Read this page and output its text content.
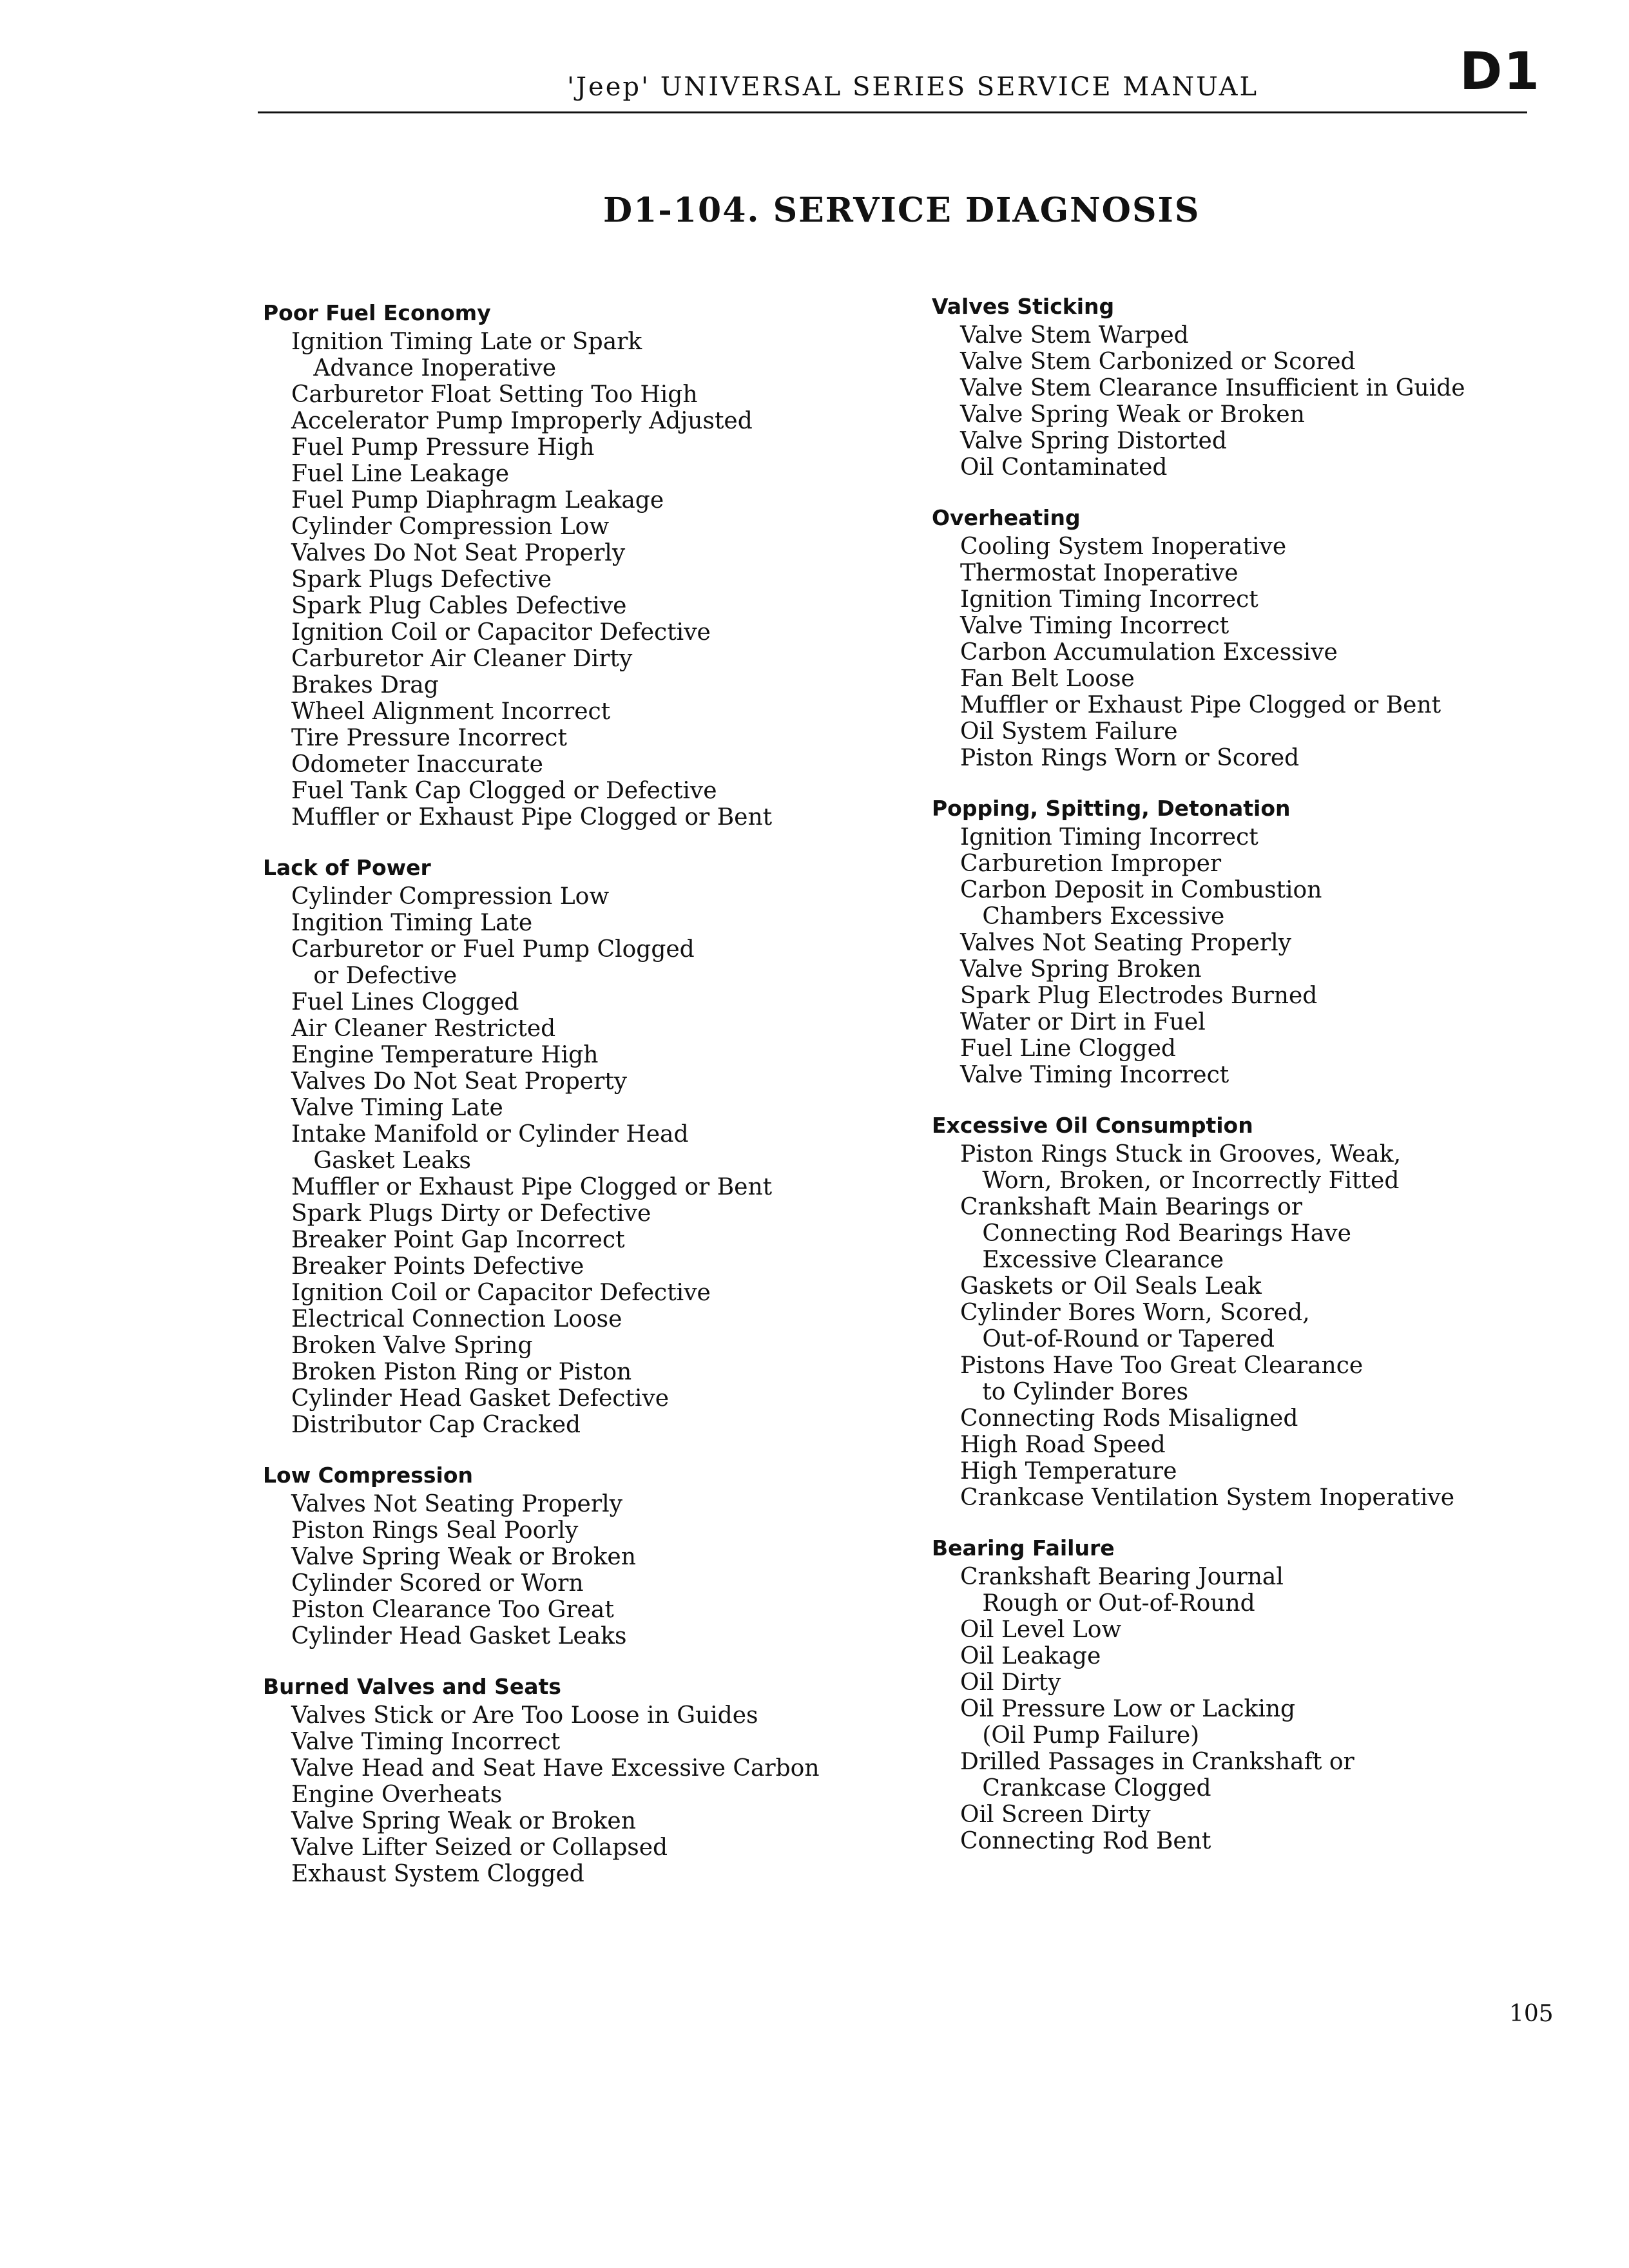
'Jeep' UNIVERSAL SERIES SERVICE MANUAL	D1
D1-104. SERVICE DIAGNOSIS
Poor Fuel Economy
Ignition Timing Late or Spark
Advance Inoperative
Carburetor Float Setting Too High
Accelerator Pump Improperly Adjusted
Fuel Pump Pressure High
Fuel Line Leakage
Fuel Pump Diaphragm Leakage
Cylinder Compression Low
Valves Do Not Seat Properly
Spark Plugs Defective
Spark Plug Cables Defective
Ignition Coil or Capacitor Defective
Carburetor Air Cleaner Dirty
Brakes Drag
Wheel Alignment Incorrect
Tire Pressure Incorrect
Odometer Inaccurate
Fuel Tank Cap Clogged or Defective
Muffler or Exhaust Pipe Clogged or Bent
Lack of Power
Cylinder Compression Low
Ingition Timing Late
Carburetor or Fuel Pump Clogged
or Defective
Fuel Lines Clogged
Air Cleaner Restricted
Engine Temperature High
Valves Do Not Seat Property
Valve Timing Late
Intake Manifold or Cylinder Head
Gasket Leaks
Muffler or Exhaust Pipe Clogged or Bent
Spark Plugs Dirty or Defective
Breaker Point Gap Incorrect
Breaker Points Defective
Ignition Coil or Capacitor Defective
Electrical Connection Loose
Broken Valve Spring
Broken Piston Ring or Piston
Cylinder Head Gasket Defective
Distributor Cap Cracked
Low Compression
Valves Not Seating Properly
Piston Rings Seal Poorly
Valve Spring Weak or Broken
Cylinder Scored or Worn
Piston Clearance Too Great
Cylinder Head Gasket Leaks
Burned Valves and Seats
Valves Stick or Are Too Loose in Guides
Valve Timing Incorrect
Valve Head and Seat Have Excessive Carbon
Engine Overheats
Valve Spring Weak or Broken
Valve Lifter Seized or Collapsed
Exhaust System Clogged
Valves Sticking
Valve Stem Warped
Valve Stem Carbonized or Scored
Valve Stem Clearance Insufficient in Guide
Valve Spring Weak or Broken
Valve Spring Distorted
Oil Contaminated
Overheating
Cooling System Inoperative
Thermostat Inoperative
Ignition Timing Incorrect
Valve Timing Incorrect
Carbon Accumulation Excessive
Fan Belt Loose
Muffler or Exhaust Pipe Clogged or Bent
Oil System Failure
Piston Rings Worn or Scored
Popping, Spitting, Detonation
Ignition Timing Incorrect
Carburetion Improper
Carbon Deposit in Combustion
Chambers Excessive
Valves Not Seating Properly
Valve Spring Broken
Spark Plug Electrodes Burned
Water or Dirt in Fuel
Fuel Line Clogged
Valve Timing Incorrect
Excessive Oil Consumption
Piston Rings Stuck in Grooves, Weak,
Worn, Broken, or Incorrectly Fitted
Crankshaft Main Bearings or
Connecting Rod Bearings Have
Excessive Clearance
Gaskets or Oil Seals Leak
Cylinder Bores Worn, Scored,
Out-of-Round or Tapered
Pistons Have Too Great Clearance
to Cylinder Bores
Connecting Rods Misaligned
High Road Speed
High Temperature
Crankcase Ventilation System Inoperative
Bearing Failure
Crankshaft Bearing Journal
Rough or Out-of-Round
Oil Level Low
Oil Leakage
Oil Dirty
Oil Pressure Low or Lacking
(Oil Pump Failure)
Drilled Passages in Crankshaft or
Crankcase Clogged
Oil Screen Dirty
Connecting Rod Bent
105
